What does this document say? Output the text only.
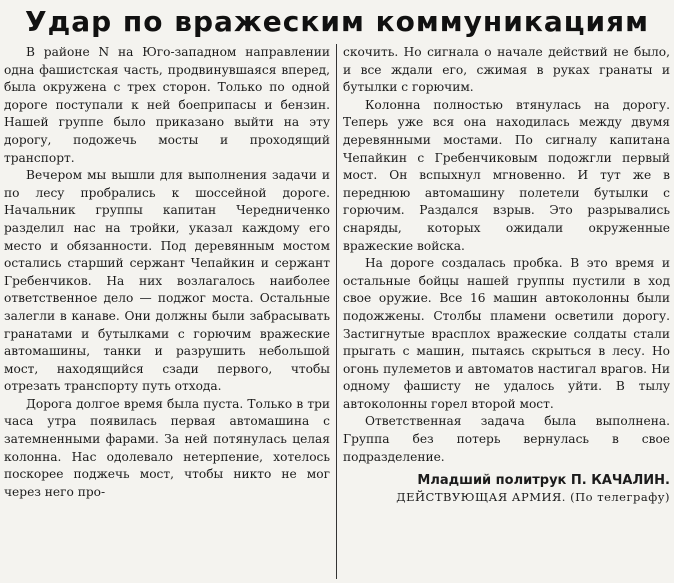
Удар по вражеским коммуникациям

В районе N на Юго-западном направлении одна фашистская часть, продвинувшаяся вперед, была окружена с трех сторон. Только по одной дороге поступали к ней боеприпасы и бензин. Нашей группе было приказано выйти на эту дорогу, подожечь мосты и проходящий транспорт.

Вечером мы вышли для выполнения задачи и по лесу пробрались к шоссейной дороге. Начальник группы капитан Чередниченко разделил нас на тройки, указал каждому его место и обязанности. Под деревянным мостом остались старший сержант Чепайкин и сержант Гребенчиков. На них возлагалось наиболее ответственное дело — поджог моста. Остальные залегли в канаве. Они должны были забрасывать гранатами и бутылками с горючим вражеские автомашины, танки и разрушить небольшой мост, находящийся сзади первого, чтобы отрезать транспорту путь отхода.

Дорога долгое время была пуста. Только в три часа утра появилась первая автомашина с затемненными фарами. За ней потянулась целая колонна. Нас одолевало нетерпение, хотелось поскорее поджечь мост, чтобы никто не мог через него про-

скочить. Но сигнала о начале действий не было, и все ждали его, сжимая в руках гранаты и бутылки с горючим.

Колонна полностью втянулась на дорогу. Теперь уже вся она находилась между двумя деревянными мостами. По сигналу капитана Чепайкин с Гребенчиковым подожгли первый мост. Он вспыхнул мгновенно. И тут же в переднюю автомашину полетели бутылки с горючим. Раздался взрыв. Это разрывались снаряды, которых ожидали окруженные вражеские войска.

На дороге создалась пробка. В это время и остальные бойцы нашей группы пустили в ход свое оружие. Все 16 машин автоколонны были подожжены. Столбы пламени осветили дорогу. Застигнутые врасплох вражеские солдаты стали прыгать с машин, пытаясь скрыться в лесу. Но огонь пулеметов и автоматов настигал врагов. Ни одному фашисту не удалось уйти. В тылу автоколонны горел второй мост.

Ответственная задача была выполнена. Группа без потерь вернулась в свое подразделение.

Младший политрук П. КАЧАЛИН.

ДЕЙСТВУЮЩАЯ АРМИЯ. (По телеграфу)
